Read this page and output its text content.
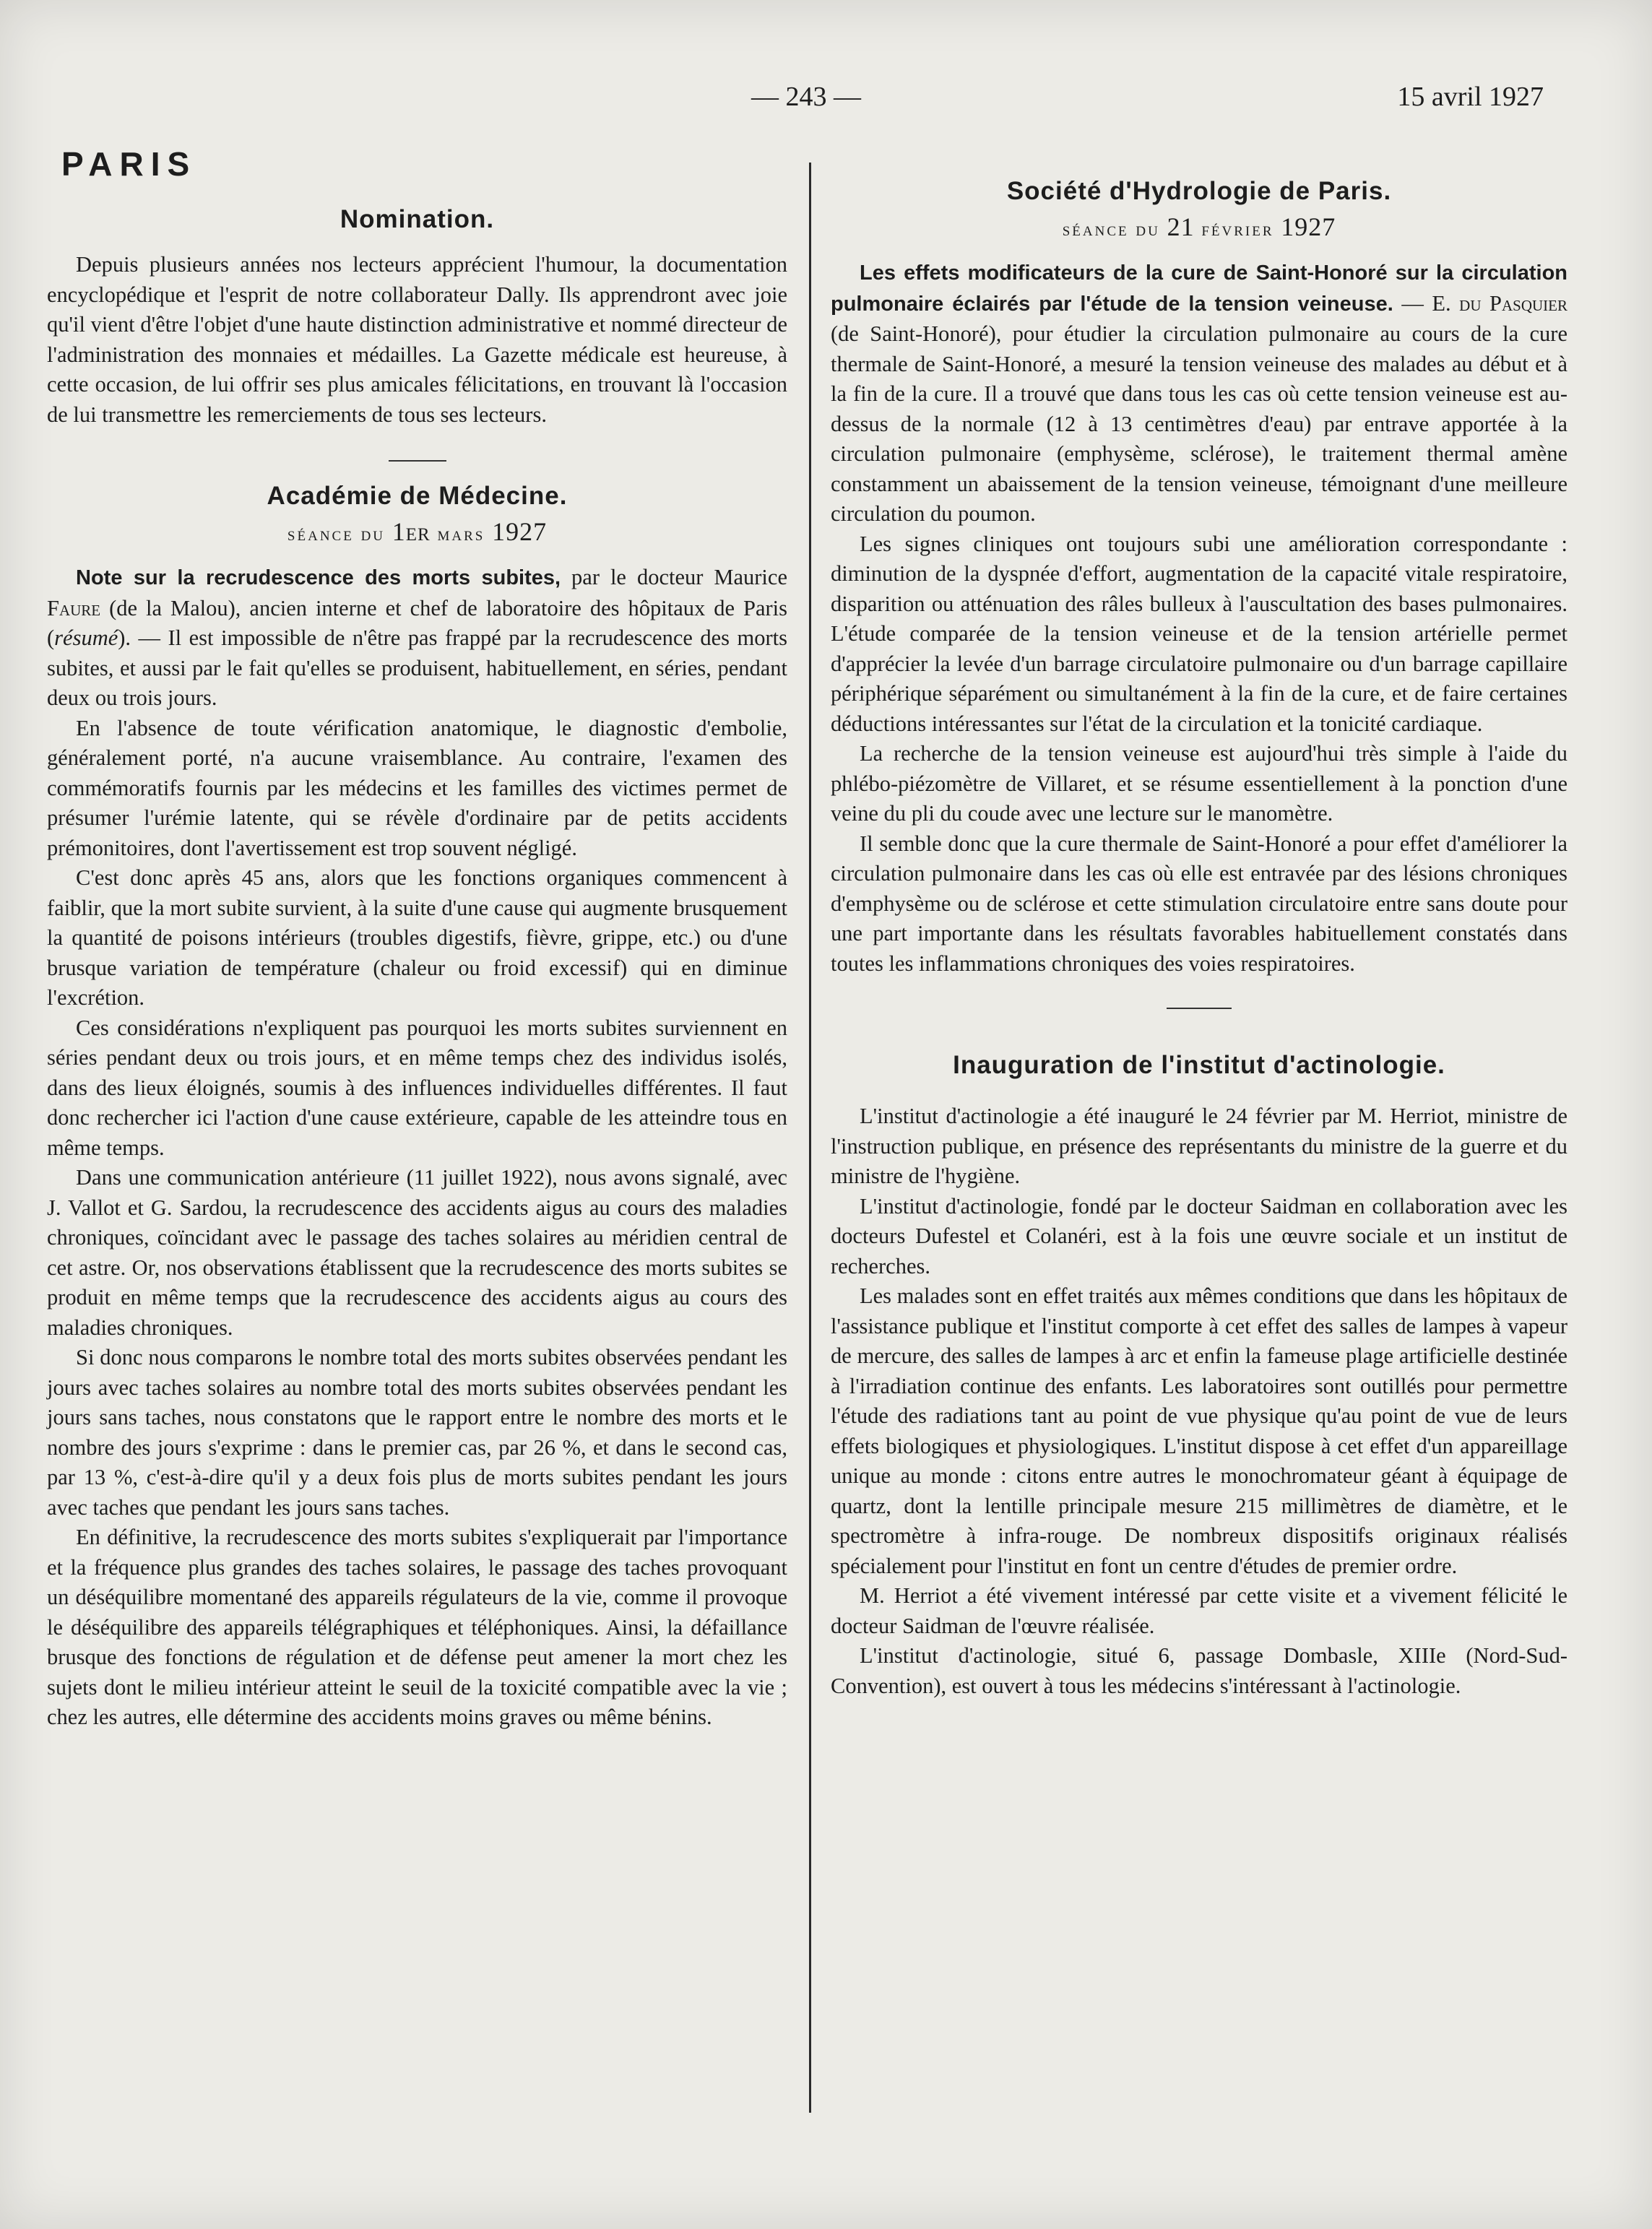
— 243 —	15 avril 1927
PARIS
Nomination.

Depuis plusieurs années nos lecteurs apprécient l'humour, la documentation encyclopédique et l'esprit de notre collaborateur Dally. Ils apprendront avec joie qu'il vient d'être l'objet d'une haute distinction administrative et nommé directeur de l'administration des monnaies et médailles. La Gazette médicale est heureuse, à cette occasion, de lui offrir ses plus amicales félicitations, en trouvant là l'occasion de lui transmettre les remerciements de tous ses lecteurs.

Académie de Médecine.
séance du 1er mars 1927

Note sur la recrudescence des morts subites, par le docteur Maurice Faure (de la Malou), ancien interne et chef de laboratoire des hôpitaux de Paris (résumé). — Il est impossible de n'être pas frappé par la recrudescence des morts subites, et aussi par le fait qu'elles se produisent, habituellement, en séries, pendant deux ou trois jours.

En l'absence de toute vérification anatomique, le diagnostic d'embolie, généralement porté, n'a aucune vraisemblance. Au contraire, l'examen des commémoratifs fournis par les médecins et les familles des victimes permet de présumer l'urémie latente, qui se révèle d'ordinaire par de petits accidents prémonitoires, dont l'avertissement est trop souvent négligé.

C'est donc après 45 ans, alors que les fonctions organiques commencent à faiblir, que la mort subite survient, à la suite d'une cause qui augmente brusquement la quantité de poisons intérieurs (troubles digestifs, fièvre, grippe, etc.) ou d'une brusque variation de température (chaleur ou froid excessif) qui en diminue l'excrétion.

Ces considérations n'expliquent pas pourquoi les morts subites surviennent en séries pendant deux ou trois jours, et en même temps chez des individus isolés, dans des lieux éloignés, soumis à des influences individuelles différentes. Il faut donc rechercher ici l'action d'une cause extérieure, capable de les atteindre tous en même temps.

Dans une communication antérieure (11 juillet 1922), nous avons signalé, avec J. Vallot et G. Sardou, la recrudescence des accidents aigus au cours des maladies chroniques, coïncidant avec le passage des taches solaires au méridien central de cet astre. Or, nos observations établissent que la recrudescence des morts subites se produit en même temps que la recrudescence des accidents aigus au cours des maladies chroniques.

Si donc nous comparons le nombre total des morts subites observées pendant les jours avec taches solaires au nombre total des morts subites observées pendant les jours sans taches, nous constatons que le rapport entre le nombre des morts et le nombre des jours s'exprime : dans le premier cas, par 26 %, et dans le second cas, par 13 %, c'est-à-dire qu'il y a deux fois plus de morts subites pendant les jours avec taches que pendant les jours sans taches.

En définitive, la recrudescence des morts subites s'expliquerait par l'importance et la fréquence plus grandes des taches solaires, le passage des taches provoquant un déséquilibre momentané des appareils régulateurs de la vie, comme il provoque le déséquilibre des appareils télégraphiques et téléphoniques. Ainsi, la défaillance brusque des fonctions de régulation et de défense peut amener la mort chez les sujets dont le milieu intérieur atteint le seuil de la toxicité compatible avec la vie ; chez les autres, elle détermine des accidents moins graves ou même bénins.

Société d'Hydrologie de Paris.
séance du 21 février 1927

Les effets modificateurs de la cure de Saint-Honoré sur la circulation pulmonaire éclairés par l'étude de la tension veineuse. — E. du Pasquier (de Saint-Honoré), pour étudier la circulation pulmonaire au cours de la cure thermale de Saint-Honoré, a mesuré la tension veineuse des malades au début et à la fin de la cure. Il a trouvé que dans tous les cas où cette tension veineuse est au-dessus de la normale (12 à 13 centimètres d'eau) par entrave apportée à la circulation pulmonaire (emphysème, sclérose), le traitement thermal amène constamment un abaissement de la tension veineuse, témoignant d'une meilleure circulation du poumon.

Les signes cliniques ont toujours subi une amélioration correspondante : diminution de la dyspnée d'effort, augmentation de la capacité vitale respiratoire, disparition ou atténuation des râles bulleux à l'auscultation des bases pulmonaires. L'étude comparée de la tension veineuse et de la tension artérielle permet d'apprécier la levée d'un barrage circulatoire pulmonaire ou d'un barrage capillaire périphérique séparément ou simultanément à la fin de la cure, et de faire certaines déductions intéressantes sur l'état de la circulation et la tonicité cardiaque.

La recherche de la tension veineuse est aujourd'hui très simple à l'aide du phlébo-piézomètre de Villaret, et se résume essentiellement à la ponction d'une veine du pli du coude avec une lecture sur le manomètre.

Il semble donc que la cure thermale de Saint-Honoré a pour effet d'améliorer la circulation pulmonaire dans les cas où elle est entravée par des lésions chroniques d'emphysème ou de sclérose et cette stimulation circulatoire entre sans doute pour une part importante dans les résultats favorables habituellement constatés dans toutes les inflammations chroniques des voies respiratoires.

Inauguration de l'institut d'actinologie.

L'institut d'actinologie a été inauguré le 24 février par M. Herriot, ministre de l'instruction publique, en présence des représentants du ministre de la guerre et du ministre de l'hygiène.

L'institut d'actinologie, fondé par le docteur Saidman en collaboration avec les docteurs Dufestel et Colanéri, est à la fois une œuvre sociale et un institut de recherches.

Les malades sont en effet traités aux mêmes conditions que dans les hôpitaux de l'assistance publique et l'institut comporte à cet effet des salles de lampes à vapeur de mercure, des salles de lampes à arc et enfin la fameuse plage artificielle destinée à l'irradiation continue des enfants. Les laboratoires sont outillés pour permettre l'étude des radiations tant au point de vue physique qu'au point de vue de leurs effets biologiques et physiologiques. L'institut dispose à cet effet d'un appareillage unique au monde : citons entre autres le monochromateur géant à équipage de quartz, dont la lentille principale mesure 215 millimètres de diamètre, et le spectromètre à infra-rouge. De nombreux dispositifs originaux réalisés spécialement pour l'institut en font un centre d'études de premier ordre.

M. Herriot a été vivement intéressé par cette visite et a vivement félicité le docteur Saidman de l'œuvre réalisée.

L'institut d'actinologie, situé 6, passage Dombasle, XIIIe (Nord-Sud-Convention), est ouvert à tous les médecins s'intéressant à l'actinologie.
